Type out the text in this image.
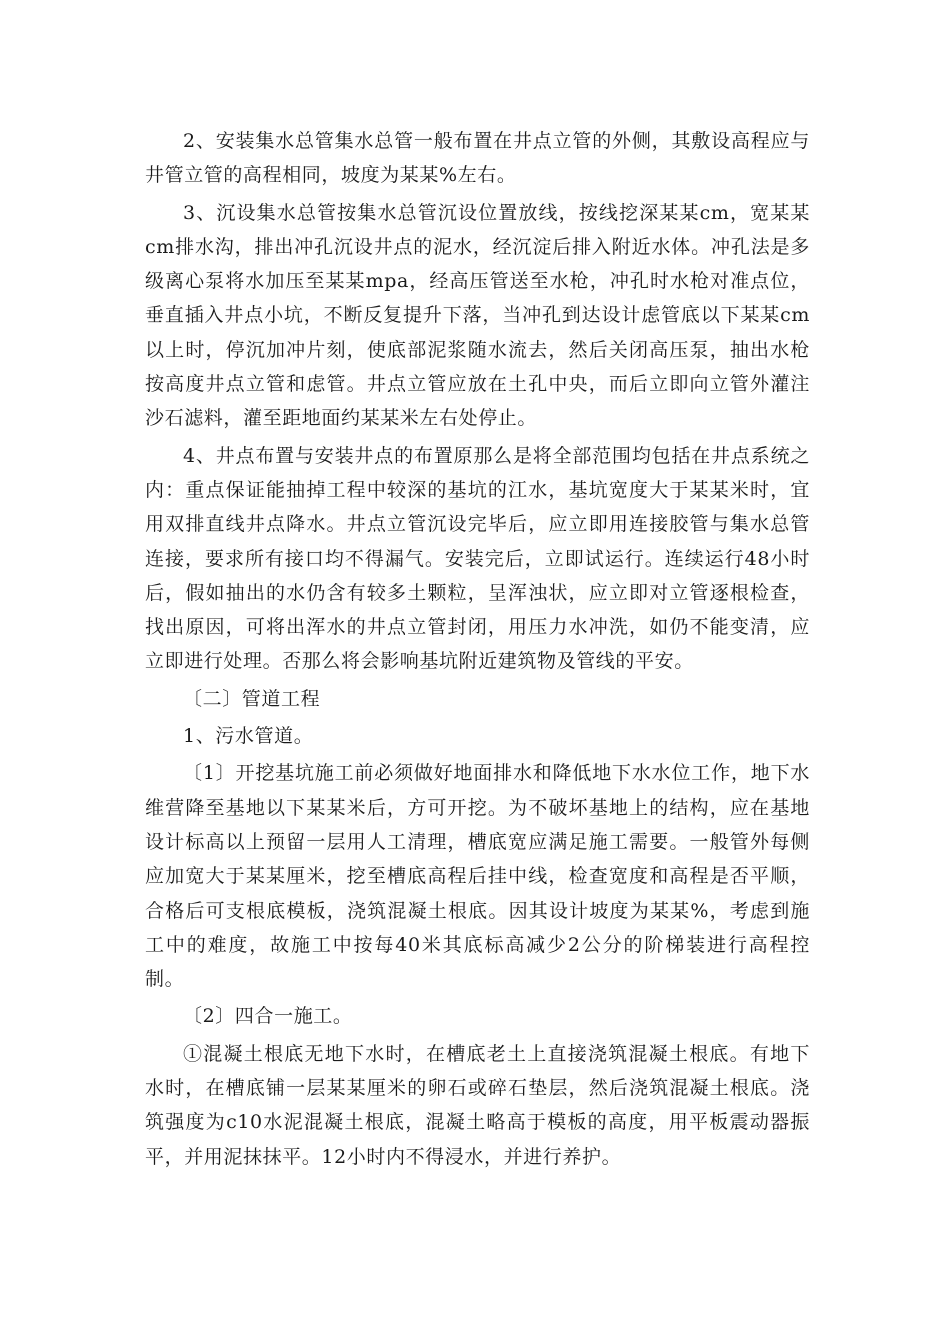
2、安装集水总管集水总管一般布置在井点立管的外侧，其敷设高程应与井管立管的高程相同，坡度为某某%左右。

3、沉设集水总管按集水总管沉设位置放线，按线挖深某某cm，宽某某cm排水沟，排出冲孔沉设井点的泥水，经沉淀后排入附近水体。冲孔法是多级离心泵将水加压至某某mpa，经高压管送至水枪，冲孔时水枪对准点位，垂直插入井点小坑，不断反复提升下落，当冲孔到达设计虑管底以下某某cm以上时，停沉加冲片刻，使底部泥浆随水流去，然后关闭高压泵，抽出水枪按高度井点立管和虑管。井点立管应放在土孔中央，而后立即向立管外灌注沙石滤料，灌至距地面约某某米左右处停止。

4、井点布置与安装井点的布置原那么是将全部范围均包括在井点系统之内：重点保证能抽掉工程中较深的基坑的江水，基坑宽度大于某某米时，宜用双排直线井点降水。井点立管沉设完毕后，应立即用连接胶管与集水总管连接，要求所有接口均不得漏气。安装完后，立即试运行。连续运行48小时后，假如抽出的水仍含有较多土颗粒，呈浑浊状，应立即对立管逐根检查，找出原因，可将出浑水的井点立管封闭，用压力水冲洗，如仍不能变清，应立即进行处理。否那么将会影响基坑附近建筑物及管线的平安。

〔二〕管道工程

1、污水管道。

〔1〕开挖基坑施工前必须做好地面排水和降低地下水水位工作，地下水维营降至基地以下某某米后，方可开挖。为不破坏基地上的结构，应在基地设计标高以上预留一层用人工清理，槽底宽应满足施工需要。一般管外每侧应加宽大于某某厘米，挖至槽底高程后挂中线，检查宽度和高程是否平顺，合格后可支根底模板，浇筑混凝土根底。因其设计坡度为某某%，考虑到施工中的难度，故施工中按每40米其底标高减少2公分的阶梯装进行高程控制。

〔2〕四合一施工。

①混凝土根底无地下水时，在槽底老土上直接浇筑混凝土根底。有地下水时，在槽底铺一层某某厘米的卵石或碎石垫层，然后浇筑混凝土根底。浇筑强度为c10水泥混凝土根底，混凝土略高于模板的高度，用平板震动器振平，并用泥抹抹平。12小时内不得浸水，并进行养护。
